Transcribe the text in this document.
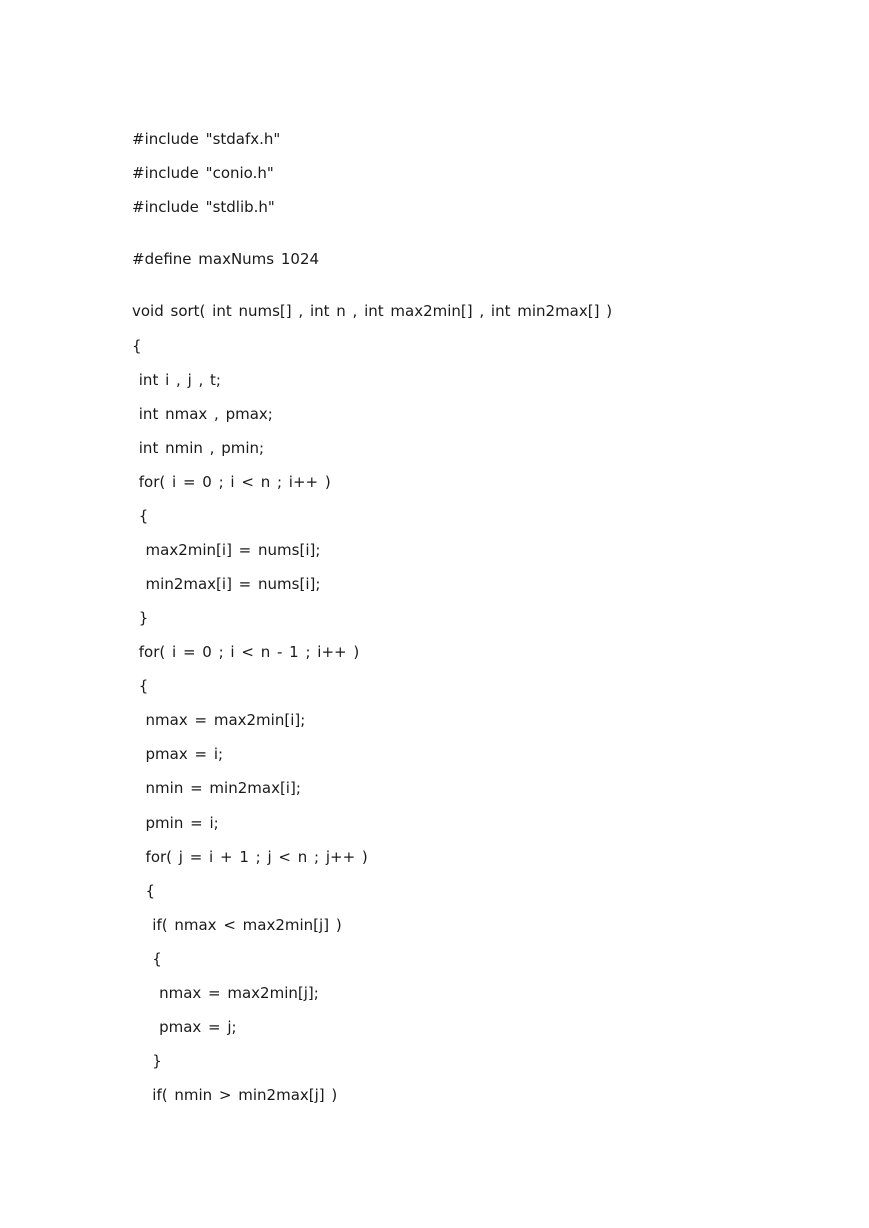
#include "stdafx.h"
#include "conio.h"
#include "stdlib.h"
#define maxNums 1024
void sort( int nums[] , int n , int max2min[] , int min2max[] )
{
int i , j , t;
int nmax , pmax;
int nmin , pmin;
for( i = 0 ; i < n ; i++ )
{
max2min[i] = nums[i];
min2max[i] = nums[i];
}
for( i = 0 ; i < n - 1 ; i++ )
{
nmax = max2min[i];
pmax = i;
nmin = min2max[i];
pmin = i;
for( j = i + 1 ; j < n ; j++ )
{
if( nmax < max2min[j] )
{
nmax = max2min[j];
pmax = j;
}
if( nmin > min2max[j] )
